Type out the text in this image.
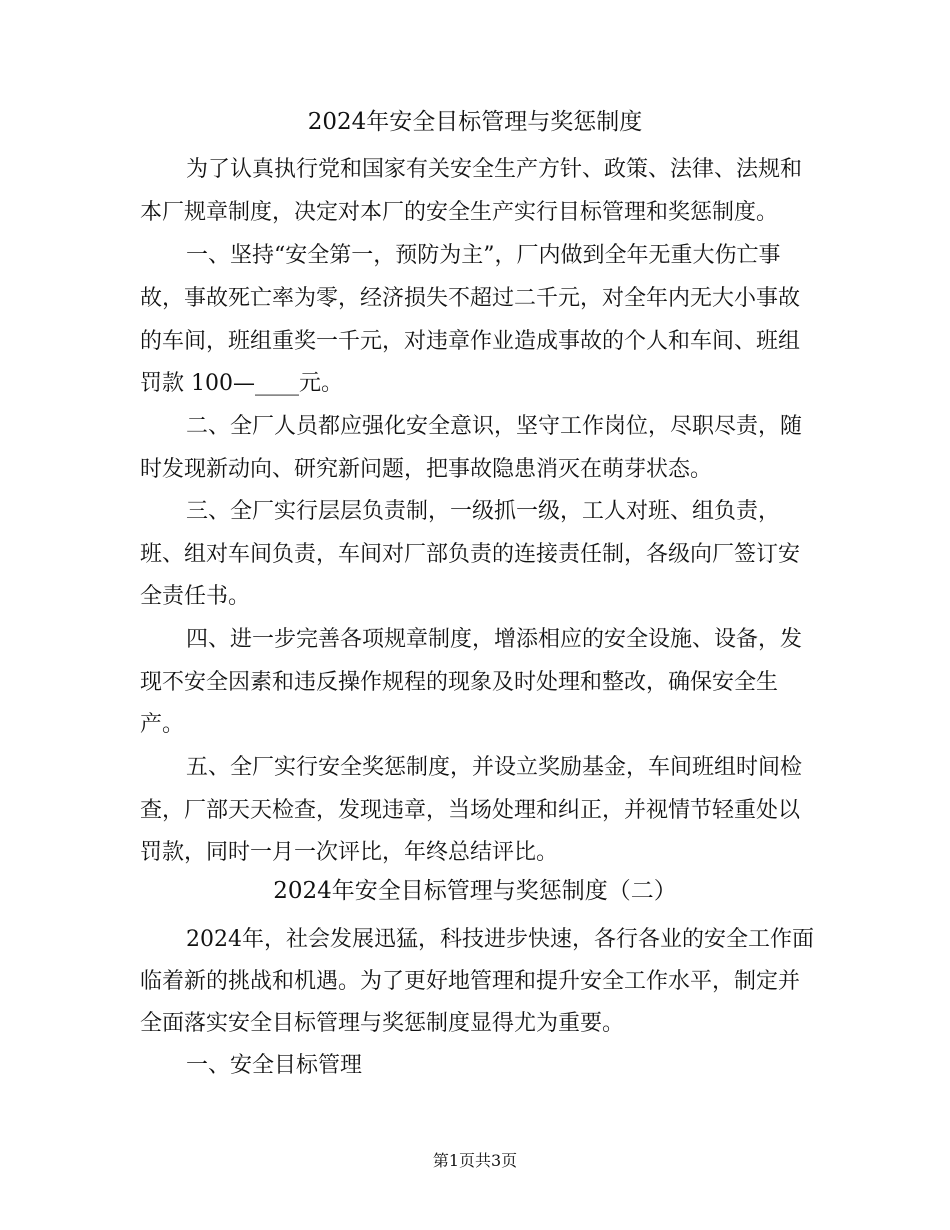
2024年安全目标管理与奖惩制度
为了认真执行党和国家有关安全生产方针、政策、法律、法规和
本厂规章制度，决定对本厂的安全生产实行目标管理和奖惩制度。
一、坚持“安全第一，预防为主”，厂内做到全年无重大伤亡事
故，事故死亡率为零，经济损失不超过二千元，对全年内无大小事故
的车间，班组重奖一千元，对违章作业造成事故的个人和车间、班组
罚款 100—____元。
二、全厂人员都应强化安全意识，坚守工作岗位，尽职尽责，随
时发现新动向、研究新问题，把事故隐患消灭在萌芽状态。
三、全厂实行层层负责制，一级抓一级，工人对班、组负责，
班、组对车间负责，车间对厂部负责的连接责任制，各级向厂签订安
全责任书。
四、进一步完善各项规章制度，增添相应的安全设施、设备，发
现不安全因素和违反操作规程的现象及时处理和整改，确保安全生
产。
五、全厂实行安全奖惩制度，并设立奖励基金，车间班组时间检
查，厂部天天检查，发现违章，当场处理和纠正，并视情节轻重处以
罚款，同时一月一次评比，年终总结评比。
2024年安全目标管理与奖惩制度（二）
2024年，社会发展迅猛，科技进步快速，各行各业的安全工作面
临着新的挑战和机遇。为了更好地管理和提升安全工作水平，制定并
全面落实安全目标管理与奖惩制度显得尤为重要。
一、安全目标管理
第1页共3页
